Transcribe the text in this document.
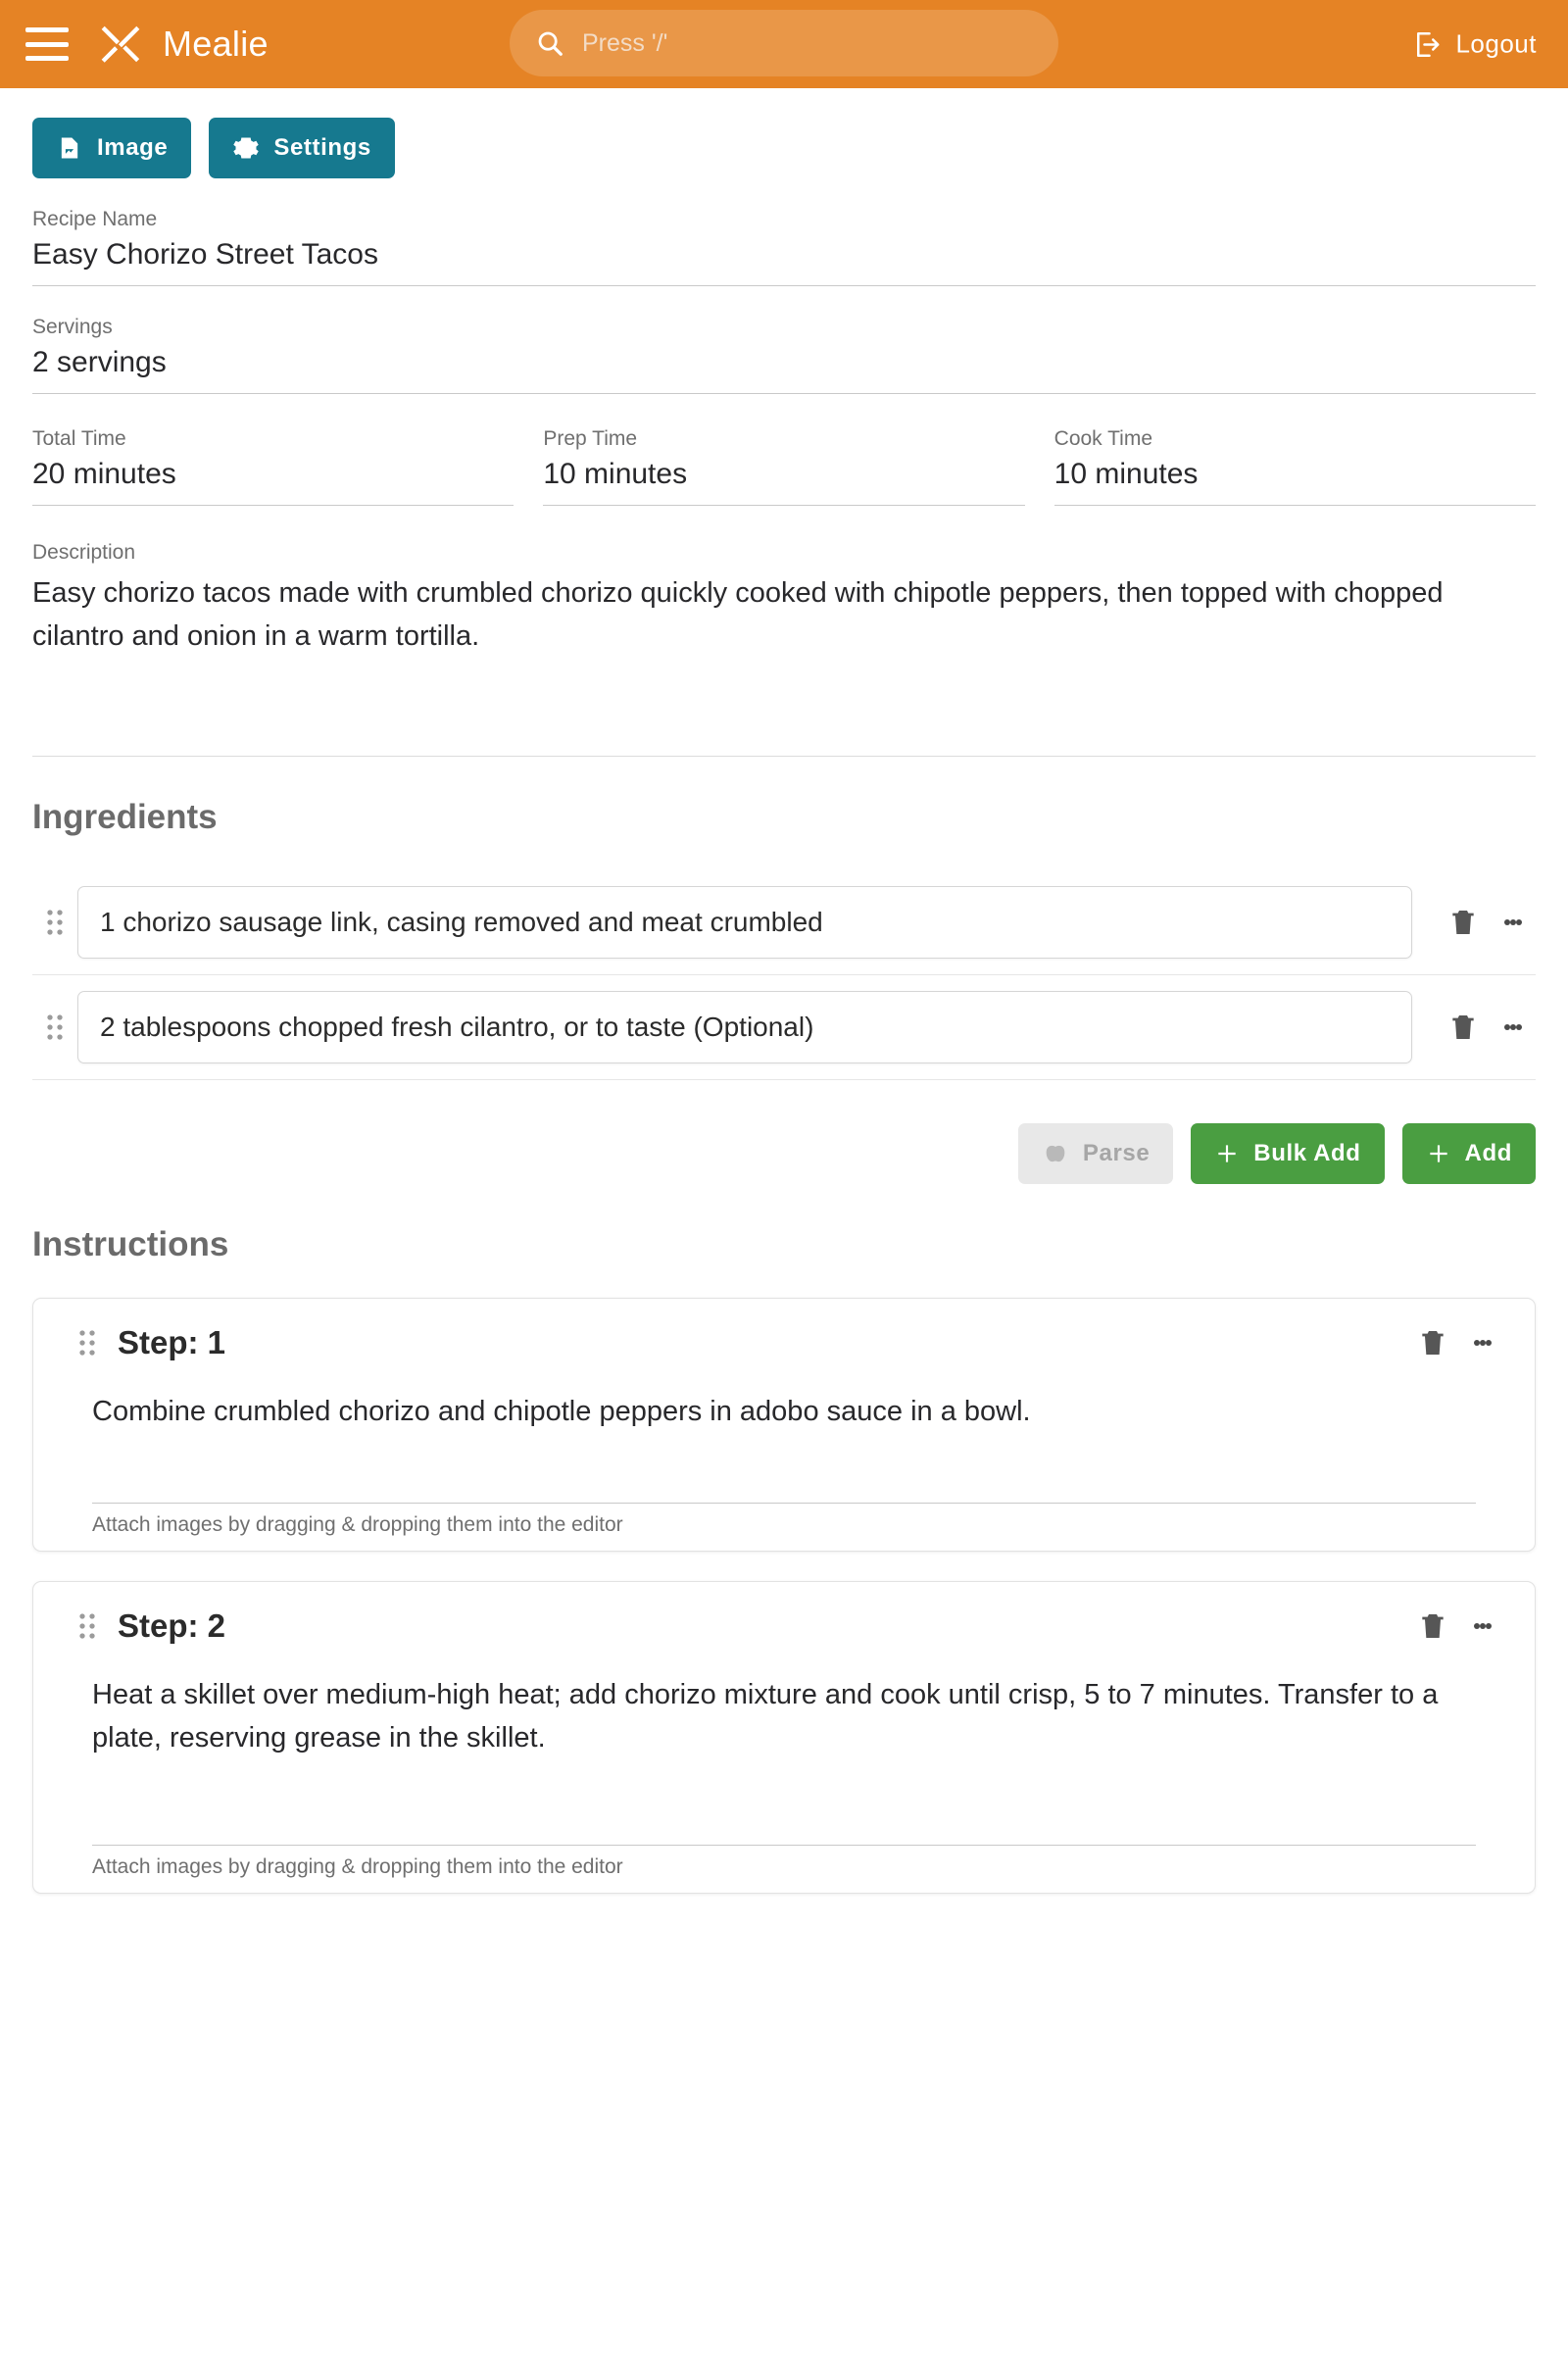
Mealie
Press '/'	Logout
Image	Settings
Recipe Name
Easy Chorizo Street Tacos
Servings
2 servings
Total Time
20 minutes
Prep Time
10 minutes
Cook Time
10 minutes
Description
Easy chorizo tacos made with crumbled chorizo quickly cooked with chipotle peppers, then topped with chopped cilantro and onion in a warm tortilla.
Ingredients
1 chorizo sausage link, casing removed and meat crumbled
2 tablespoons chopped fresh cilantro, or to taste (Optional)
Parse	Bulk Add	Add
Instructions
Step: 1
Combine crumbled chorizo and chipotle peppers in adobo sauce in a bowl.
Attach images by dragging & dropping them into the editor
Step: 2
Heat a skillet over medium-high heat; add chorizo mixture and cook until crisp, 5 to 7 minutes. Transfer to a plate, reserving grease in the skillet.
Attach images by dragging & dropping them into the editor
